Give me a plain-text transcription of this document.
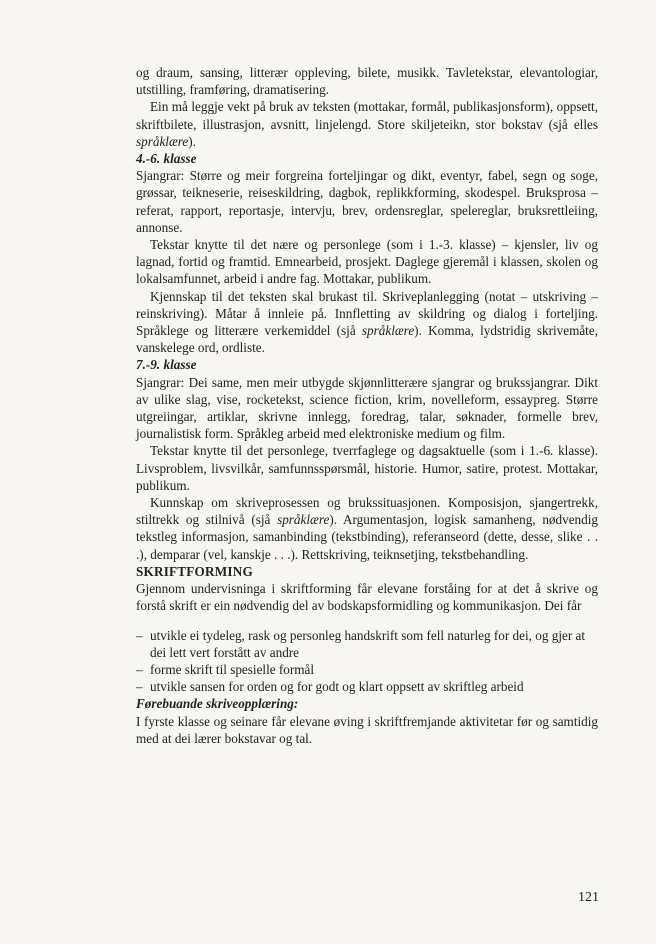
og draum, sansing, litterær oppleving, bilete, musikk. Tavletekstar, elevantologiar, utstilling, framføring, dramatisering.

Ein må leggje vekt på bruk av teksten (mottakar, formål, publikasjonsform), oppsett, skriftbilete, illustrasjon, avsnitt, linjelengd. Store skiljeteikn, stor bokstav (sjå elles språklære).

4.-6. klasse

Sjangrar: Større og meir forgreina forteljingar og dikt, eventyr, fabel, segn og soge, grøssar, teikneserie, reiseskildring, dagbok, replikkforming, skodespel. Bruksprosa – referat, rapport, reportasje, intervju, brev, ordensreglar, spelereglar, bruksrettleiing, annonse.

Tekstar knytte til det nære og personlege (som i 1.-3. klasse) – kjensler, liv og lagnad, fortid og framtid. Emnearbeid, prosjekt. Daglege gjeremål i klassen, skolen og lokalsamfunnet, arbeid i andre fag. Mottakar, publikum.

Kjennskap til det teksten skal brukast til. Skriveplanlegging (notat – utskriving – reinskriving). Måtar å innleie på. Innfletting av skildring og dialog i forteljing. Språklege og litterære verkemiddel (sjå språklære). Komma, lydstridig skrivemåte, vanskelege ord, ordliste.

7.-9. klasse

Sjangrar: Dei same, men meir utbygde skjønnlitterære sjangrar og brukssjangrar. Dikt av ulike slag, vise, rocketekst, science fiction, krim, novelleform, essaypreg. Større utgreiingar, artiklar, skrivne innlegg, foredrag, talar, søknader, formelle brev, journalistisk form. Språkleg arbeid med elektroniske medium og film.

Tekstar knytte til det personlege, tverrfaglege og dagsaktuelle (som i 1.-6. klasse). Livsproblem, livsvilkår, samfunnsspørsmål, historie. Humor, satire, protest. Mottakar, publikum.

Kunnskap om skriveprosessen og brukssituasjonen. Komposisjon, sjangertrekk, stiltrekk og stilnivå (sjå språklære). Argumentasjon, logisk samanheng, nødvendig tekstleg informasjon, samanbinding (tekstbinding), referanseord (dette, desse, slike . . .), demparar (vel, kanskje . . .). Rettskriving, teiknsetjing, tekstbehandling.

SKRIFTFORMING

Gjennom undervisninga i skriftforming får elevane forståing for at det å skrive og forstå skrift er ein nødvendig del av bodskapsformidling og kommunikasjon. Dei får

– utvikle ei tydeleg, rask og personleg handskrift som fell naturleg for dei, og gjer at dei lett vert forstått av andre

– forme skrift til spesielle formål

– utvikle sansen for orden og for godt og klart oppsett av skriftleg arbeid

Førebuande skriveopplæring:

I fyrste klasse og seinare får elevane øving i skriftfremjande aktivitetar før og samtidig med at dei lærer bokstavar og tal.

121
